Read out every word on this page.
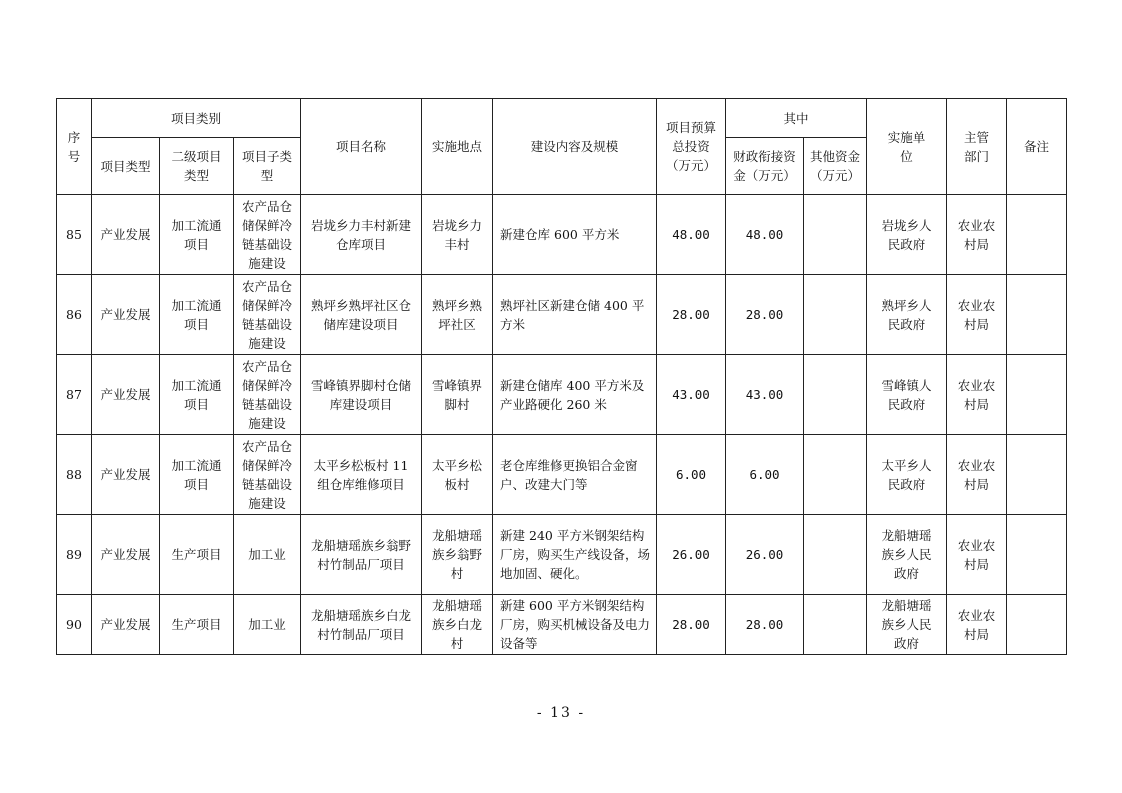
序号	项目类别			项目名称	实施地点	建设内容及规模	项目预算总投资（万元）	其中		实施单位	主管部门	备注
	项目类型	二级项目类型	项目子类型					财政衔接资金（万元）	其他资金（万元）			
85	产业发展	加工流通项目	农产品仓储保鲜冷链基础设施建设	岩垅乡力丰村新建仓库项目	岩垅乡力丰村	新建仓库 600 平方米	48.00	48.00		岩垅乡人民政府	农业农村局	
86	产业发展	加工流通项目	农产品仓储保鲜冷链基础设施建设	熟坪乡熟坪社区仓储库建设项目	熟坪乡熟坪社区	熟坪社区新建仓储 400 平方米	28.00	28.00		熟坪乡人民政府	农业农村局	
87	产业发展	加工流通项目	农产品仓储保鲜冷链基础设施建设	雪峰镇界脚村仓储库建设项目	雪峰镇界脚村	新建仓储库 400 平方米及产业路硬化 260 米	43.00	43.00		雪峰镇人民政府	农业农村局	
88	产业发展	加工流通项目	农产品仓储保鲜冷链基础设施建设	太平乡松板村 11 组仓库维修项目	太平乡松板村	老仓库维修更换铝合金窗户、改建大门等	6.00	6.00		太平乡人民政府	农业农村局	
89	产业发展	生产项目	加工业	龙船塘瑶族乡翁野村竹制品厂项目	龙船塘瑶族乡翁野村	新建 240 平方米钢架结构厂房，购买生产线设备，场地加固、硬化。	26.00	26.00		龙船塘瑶族乡人民政府	农业农村局	
90	产业发展	生产项目	加工业	龙船塘瑶族乡白龙村竹制品厂项目	龙船塘瑶族乡白龙村	新建 600 平方米钢架结构厂房，购买机械设备及电力设备等	28.00	28.00		龙船塘瑶族乡人民政府	农业农村局	
- 13 -
